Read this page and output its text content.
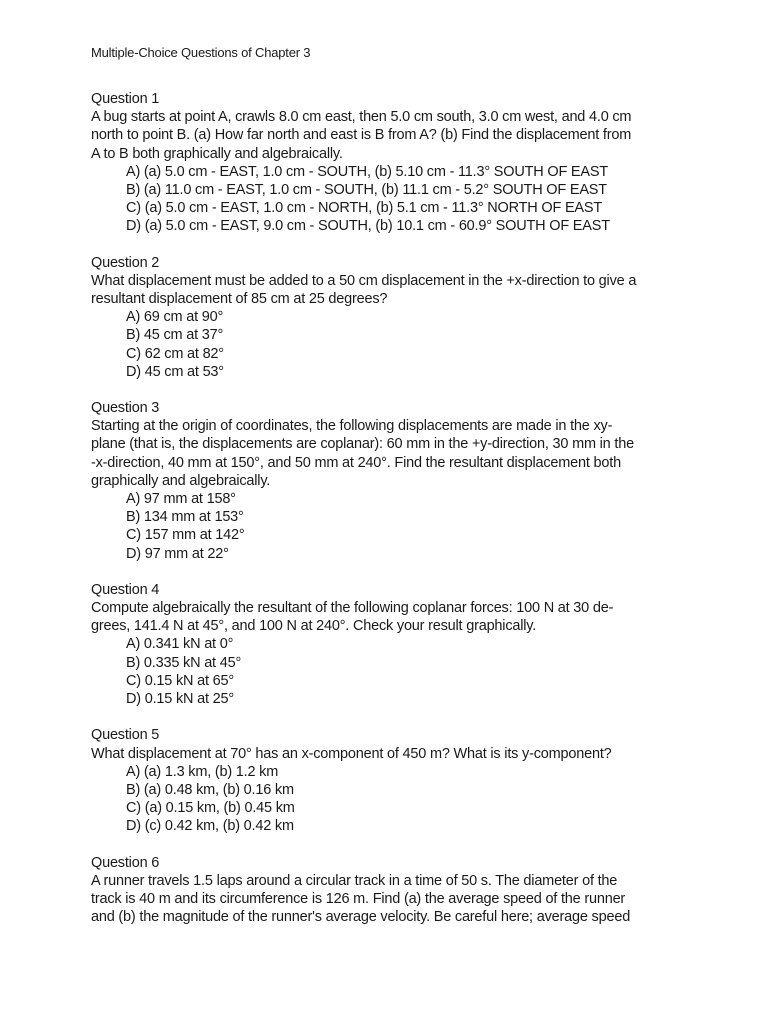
Multiple-Choice Questions of Chapter 3
Question 1
A bug starts at point A, crawls 8.0 cm east, then 5.0 cm south, 3.0 cm west, and 4.0 cm
north to point B. (a) How far north and east is B from A? (b) Find the displacement from
A to B both graphically and algebraically.
A) (a) 5.0 cm - EAST, 1.0 cm - SOUTH, (b) 5.10 cm - 11.3° SOUTH OF EAST
B) (a) 11.0 cm - EAST, 1.0 cm - SOUTH, (b) 11.1 cm - 5.2° SOUTH OF EAST
C) (a) 5.0 cm - EAST, 1.0 cm - NORTH, (b) 5.1 cm - 11.3° NORTH OF EAST
D) (a) 5.0 cm - EAST, 9.0 cm - SOUTH, (b) 10.1 cm - 60.9° SOUTH OF EAST
Question 2
What displacement must be added to a 50 cm displacement in the +x-direction to give a
resultant displacement of 85 cm at 25 degrees?
A) 69 cm at 90°
B) 45 cm at 37°
C) 62 cm at 82°
D) 45 cm at 53°
Question 3
Starting at the origin of coordinates, the following displacements are made in the xy-
plane (that is, the displacements are coplanar): 60 mm in the +y-direction, 30 mm in the
-x-direction, 40 mm at 150°, and 50 mm at 240°. Find the resultant displacement both
graphically and algebraically.
A) 97 mm at 158°
B) 134 mm at 153°
C) 157 mm at 142°
D) 97 mm at 22°
Question 4
Compute algebraically the resultant of the following coplanar forces: 100 N at 30 de-
grees, 141.4 N at 45°, and 100 N at 240°. Check your result graphically.
A) 0.341 kN at 0°
B) 0.335 kN at 45°
C) 0.15 kN at 65°
D) 0.15 kN at 25°
Question 5
What displacement at 70° has an x-component of 450 m? What is its y-component?
A) (a) 1.3 km, (b) 1.2 km
B) (a) 0.48 km, (b) 0.16 km
C) (a) 0.15 km, (b) 0.45 km
D) (c) 0.42 km, (b) 0.42 km
Question 6
A runner travels 1.5 laps around a circular track in a time of 50 s. The diameter of the
track is 40 m and its circumference is 126 m. Find (a) the average speed of the runner
and (b) the magnitude of the runner's average velocity. Be careful here; average speed
